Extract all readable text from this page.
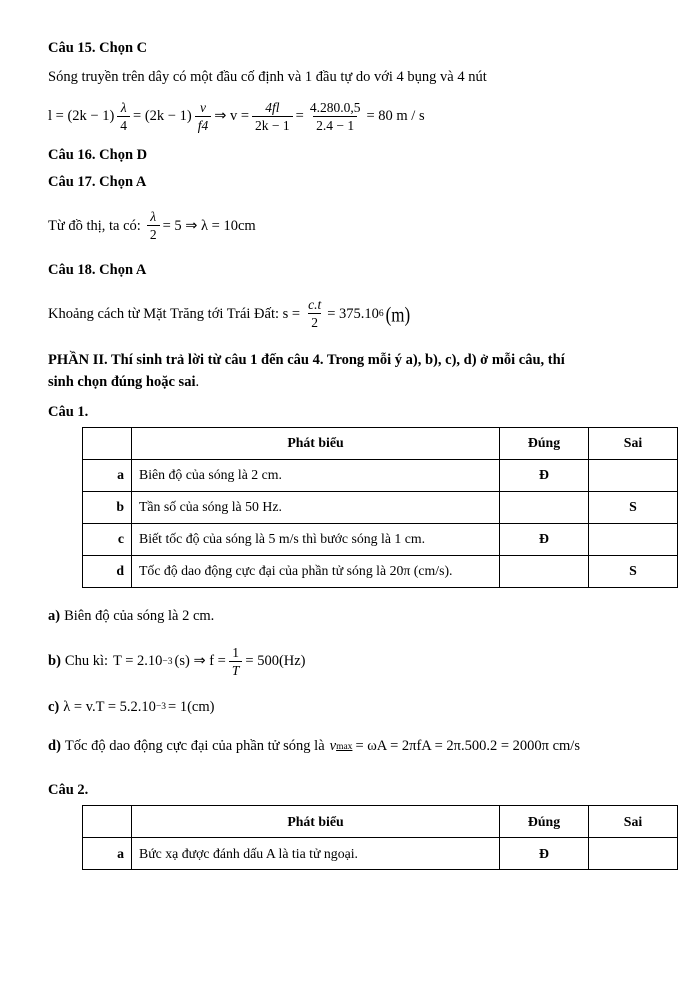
Câu 15. Chọn C
Sóng truyền trên dây có một đầu cố định và 1 đầu tự do với 4 bụng và 4 nút
$l = (2k - 1) \frac{\lambda}{4} = (2k - 1) \frac{v}{f4}$ ⇒ $v = \frac{4fl}{2k - 1} = \frac{4.280.0,5}{2.4 - 1} = 80$ m / s
Câu 16. Chọn D
Câu 17. Chọn A
Từ đồ thị, ta có: $\frac{\lambda}{2} = 5$ ⇒ λ = 10cm
Câu 18. Chọn A
Khoảng cách từ Mặt Trăng tới Trái Đất: $s = \frac{c.t}{2} = 375.10$ 6 (m)
PHẦN II. Thí sinh trả lời từ câu 1 đến câu 4. Trong mỗi ý a), b), c), d) ở mỗi câu, thí
sinh chọn đúng hoặc sai.
Câu 1.
	Phát biểu	Đúng	Sai
a	Biên độ của sóng là 2 cm.	Đ	
b	Tần số của sóng là 50 Hz.		S
c	Biết tốc độ của sóng là 5 m/s thì bước sóng là 1 cm.	Đ	
d	Tốc độ dao động cực đại của phần tử sóng là 20π (cm/s).		S
a) Biên độ của sóng là 2 cm.
b) Chu kì: T = 2.10 −3 (s) ⇒ $f = \frac{1}{T} = 500(Hz)$
c) λ = v.T = 5.2.10 −3 = 1(cm)
d) Tốc độ dao động cực đại của phần tử sóng là v max = ωA = 2πfA = 2π.500.2 = 2000π cm/s
Câu 2.
	Phát biểu	Đúng	Sai
a	Bức xạ được đánh dấu A là tia tử ngoại.	Đ	
